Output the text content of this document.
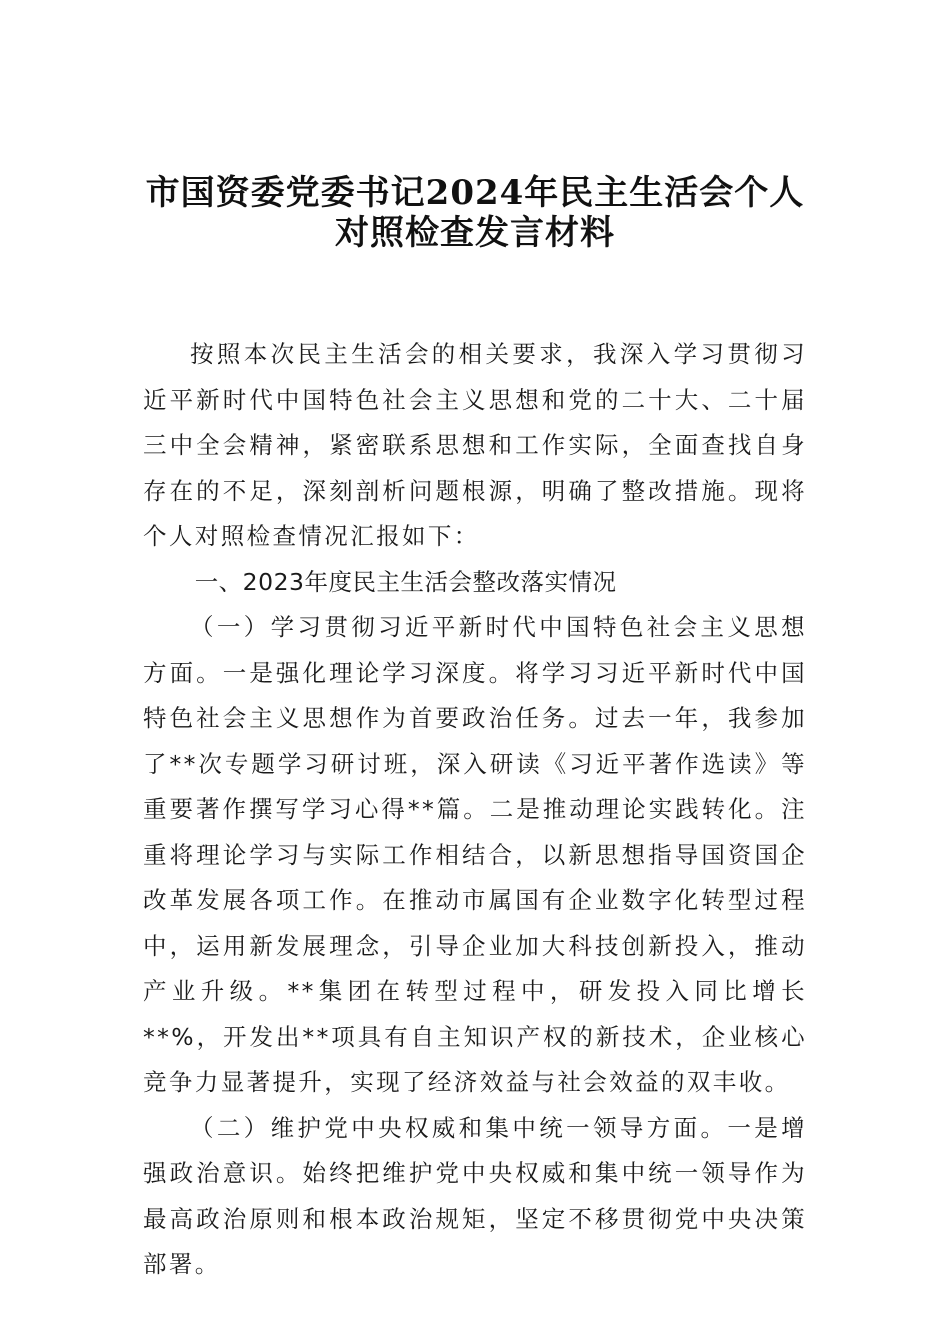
市国资委党委书记2024年民主生活会个人
对照检查发言材料

按照本次民主生活会的相关要求，我深入学习贯彻习近平新时代中国特色社会主义思想和党的二十大、二十届三中全会精神，紧密联系思想和工作实际，全面查找自身存在的不足，深刻剖析问题根源，明确了整改措施。现将个人对照检查情况汇报如下：

一、2023年度民主生活会整改落实情况

（一）学习贯彻习近平新时代中国特色社会主义思想方面。一是强化理论学习深度。将学习习近平新时代中国特色社会主义思想作为首要政治任务。过去一年，我参加了**次专题学习研讨班，深入研读《习近平著作选读》等重要著作撰写学习心得**篇。二是推动理论实践转化。注重将理论学习与实际工作相结合，以新思想指导国资国企改革发展各项工作。在推动市属国有企业数字化转型过程中，运用新发展理念，引导企业加大科技创新投入，推动产业升级。**集团在转型过程中，研发投入同比增长**%，开发出**项具有自主知识产权的新技术，企业核心竞争力显著提升，实现了经济效益与社会效益的双丰收。

（二）维护党中央权威和集中统一领导方面。一是增强政治意识。始终把维护党中央权威和集中统一领导作为最高政治原则和根本政治规矩，坚定不移贯彻党中央决策部署。
